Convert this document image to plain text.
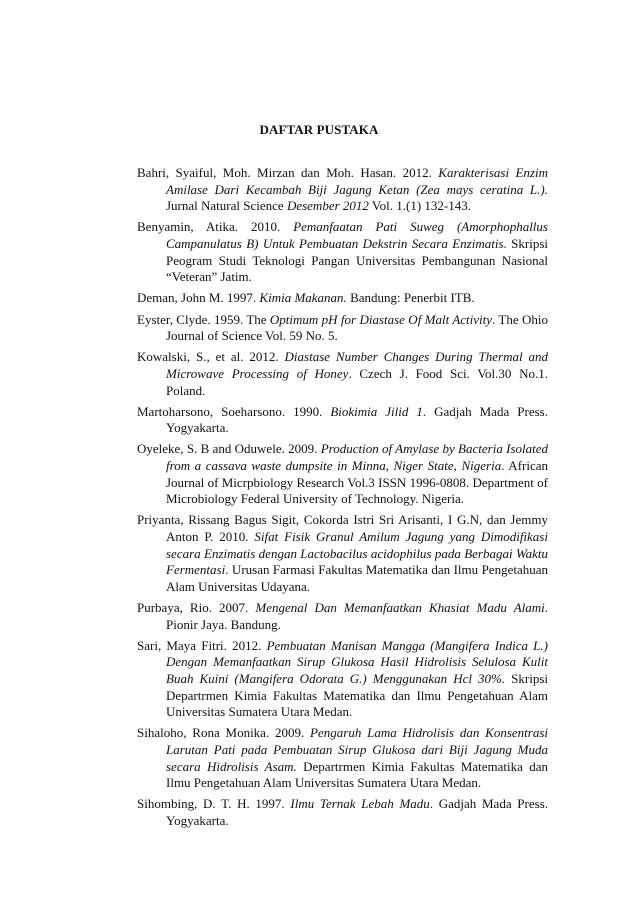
DAFTAR PUSTAKA

Bahri, Syaiful, Moh. Mirzan dan Moh. Hasan. 2012. Karakterisasi Enzim Amilase Dari Kecambah Biji Jagung Ketan (Zea mays ceratina L.). Jurnal Natural Science Desember 2012 Vol. 1.(1) 132-143.

Benyamin, Atika. 2010. Pemanfaatan Pati Suweg (Amorphophallus Campanulatus B) Untuk Pembuatan Dekstrin Secara Enzimatis. Skripsi Peogram Studi Teknologi Pangan Universitas Pembangunan Nasional “Veteran” Jatim.

Deman, John M. 1997. Kimia Makanan. Bandung: Penerbit ITB.

Eyster, Clyde. 1959. The Optimum pH for Diastase Of Malt Activity. The Ohio Journal of Science Vol. 59 No. 5.

Kowalski, S., et al. 2012. Diastase Number Changes During Thermal and Microwave Processing of Honey. Czech J. Food Sci. Vol.30 No.1. Poland.

Martoharsono, Soeharsono. 1990. Biokimia Jilid 1. Gadjah Mada Press. Yogyakarta.

Oyeleke, S. B and Oduwele. 2009. Production of Amylase by Bacteria Isolated from a cassava waste dumpsite in Minna, Niger State, Nigeria. African Journal of Micrpbiology Research Vol.3 ISSN 1996-0808. Department of Microbiology Federal University of Technology. Nigeria.

Priyanta, Rissang Bagus Sigit, Cokorda Istri Sri Arisanti, I G.N, dan Jemmy Anton P. 2010. Sifat Fisik Granul Amilum Jagung yang Dimodifikasi secara Enzimatis dengan Lactobacilus acidophilus pada Berbagai Waktu Fermentasi. Urusan Farmasi Fakultas Matematika dan Ilmu Pengetahuan Alam Universitas Udayana.

Purbaya, Rio. 2007. Mengenal Dan Memanfaatkan Khasiat Madu Alami. Pionir Jaya. Bandung.

Sari, Maya Fitri. 2012. Pembuatan Manisan Mangga (Mangifera Indica L.) Dengan Memanfaatkan Sirup Glukosa Hasil Hidrolisis Selulosa Kulit Buah Kuini (Mangifera Odorata G.) Menggunakan Hcl 30%. Skripsi Departrmen Kimia Fakultas Matematika dan Ilmu Pengetahuan Alam Universitas Sumatera Utara Medan.

Sihaloho, Rona Monika. 2009. Pengaruh Lama Hidrolisis dan Konsentrasi Larutan Pati pada Pembuatan Sirup Glukosa dari Biji Jagung Muda secara Hidrolisis Asam. Departrmen Kimia Fakultas Matematika dan Ilmu Pengetahuan Alam Universitas Sumatera Utara Medan.

Sihombing, D. T. H. 1997. Ilmu Ternak Lebah Madu. Gadjah Mada Press. Yogyakarta.
